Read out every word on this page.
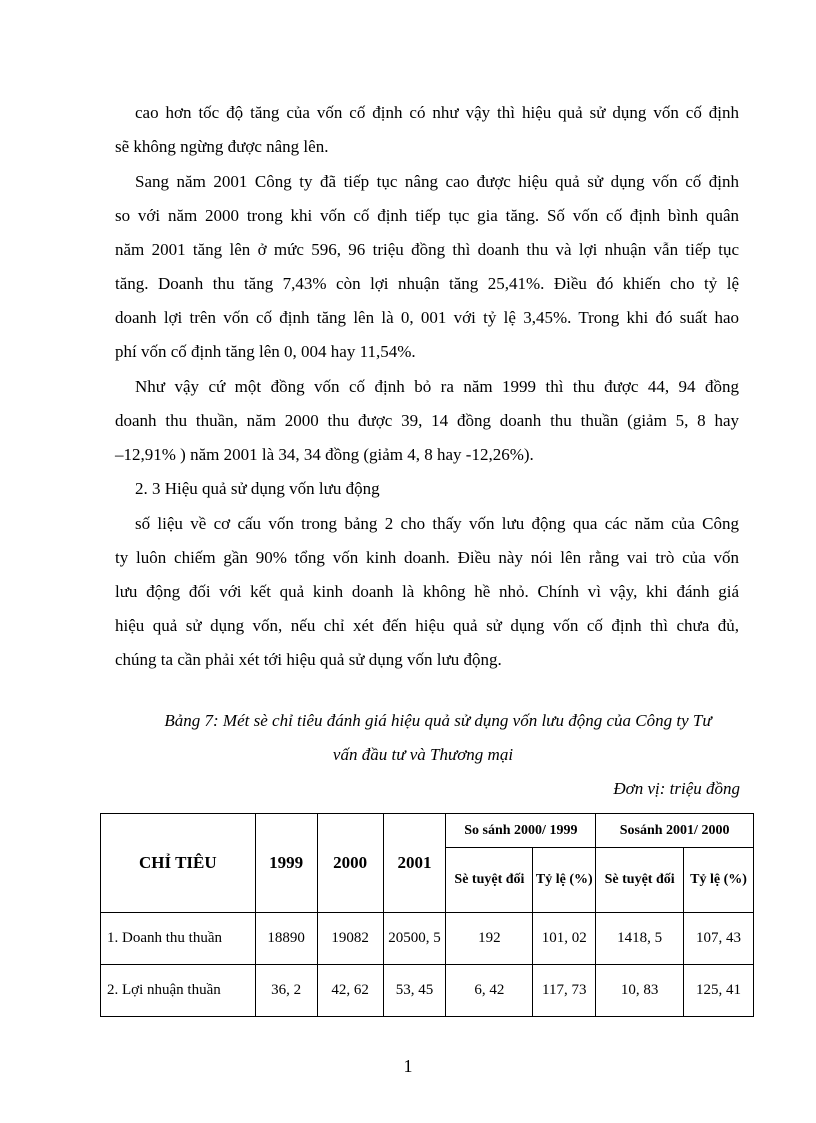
cao hơn tốc độ tăng của vốn cố định có như vậy thì hiệu quả sử dụng vốn cố định
sẽ không ngừng được nâng lên.
Sang năm 2001 Công ty đã tiếp tục nâng cao được hiệu quả sử dụng vốn cố định
so với năm 2000 trong khi vốn cố định tiếp tục gia tăng. Số vốn cố định bình quân
năm 2001 tăng lên ở mức 596, 96 triệu đồng thì doanh thu và lợi nhuận vẫn tiếp tục
tăng. Doanh thu tăng 7,43% còn lợi nhuận tăng 25,41%. Điều đó khiến cho tỷ lệ
doanh lợi trên vốn cố định tăng lên là 0, 001 với tỷ lệ 3,45%. Trong khi đó suất hao
phí vốn cố định tăng lên 0, 004 hay 11,54%.
Như vậy cứ một đồng vốn cố định bỏ ra năm 1999 thì thu được 44, 94 đồng
doanh thu thuần, năm 2000 thu được 39, 14 đồng doanh thu thuần (giảm 5, 8 hay
–12,91% ) năm 2001 là 34, 34 đồng (giảm 4, 8 hay -12,26%).
2. 3 Hiệu quả sử dụng vốn lưu động
số liệu về cơ cấu vốn trong bảng 2 cho thấy vốn lưu động qua các năm của Công
ty luôn chiếm gần 90% tổng vốn kinh doanh. Điều này nói lên rằng vai trò của vốn
lưu động đối với kết quả kinh doanh là không hề nhỏ. Chính vì vậy, khi đánh giá
hiệu quả sử dụng vốn, nếu chỉ xét đến hiệu quả sử dụng vốn cố định thì chưa đủ,
chúng ta cần phải xét tới hiệu quả sử dụng vốn lưu động.
Bảng 7: Mét sè chỉ tiêu đánh giá hiệu quả sử dụng vốn lưu động của Công ty Tư
vấn đầu tư và Thương mại
Đơn vị: triệu đồng
CHỈ TIÊU	1999	2000	2001	So sánh 2000/ 1999		Sosánh 2001/ 2000	
				Sè tuyệt đối	Tỷ lệ (%)	Sè tuyệt đối	Tỷ lệ (%)
1. Doanh thu thuần	18890	19082	20500, 5	192	101, 02	1418, 5	107, 43
2. Lợi nhuận thuần	36, 2	42, 62	53, 45	6, 42	117, 73	10, 83	125, 41
1
